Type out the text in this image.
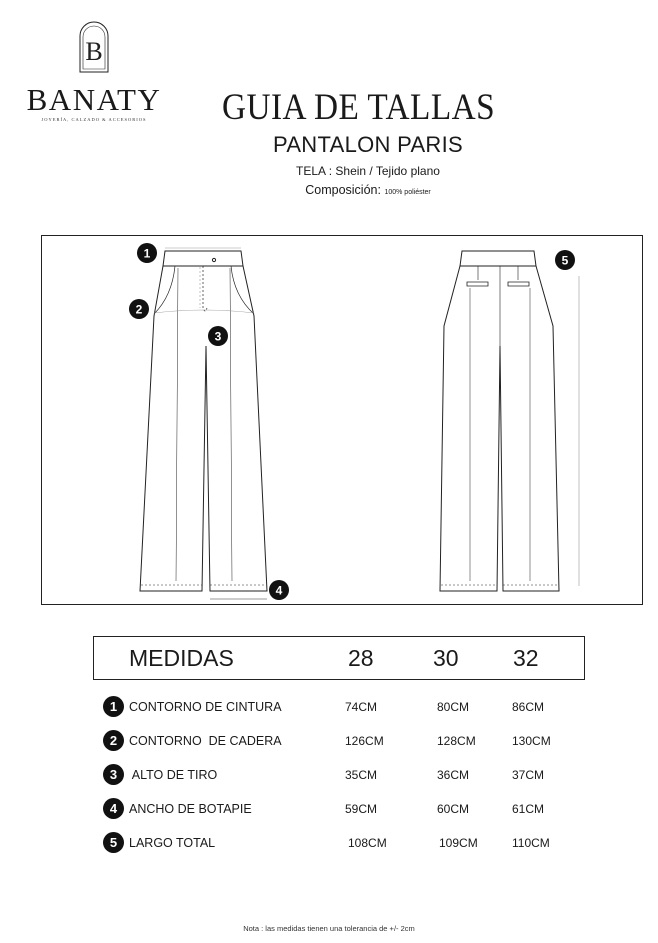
B
BANATY
JOYERÍA, CALZADO & ACCESORIOS	GUIA DE TALLAS
PANTALON PARIS
TELA : Shein / Tejido plano
Composición: 100% poliéster
1
2
3
4
5
MEDIDAS	28	30 32
1 CONTORNO DE CINTURA	74CM	80CM	86CM
2 CONTORNO  DE CADERA	126CM	128CM	130CM
3 ALTO DE TIRO	35CM	36CM	37CM
4 ANCHO DE BOTAPIE	59CM	60CM	61CM
5 LARGO TOTAL	108CM	109CM	110CM
Nota : las medidas tienen una tolerancia de +/- 2cm
